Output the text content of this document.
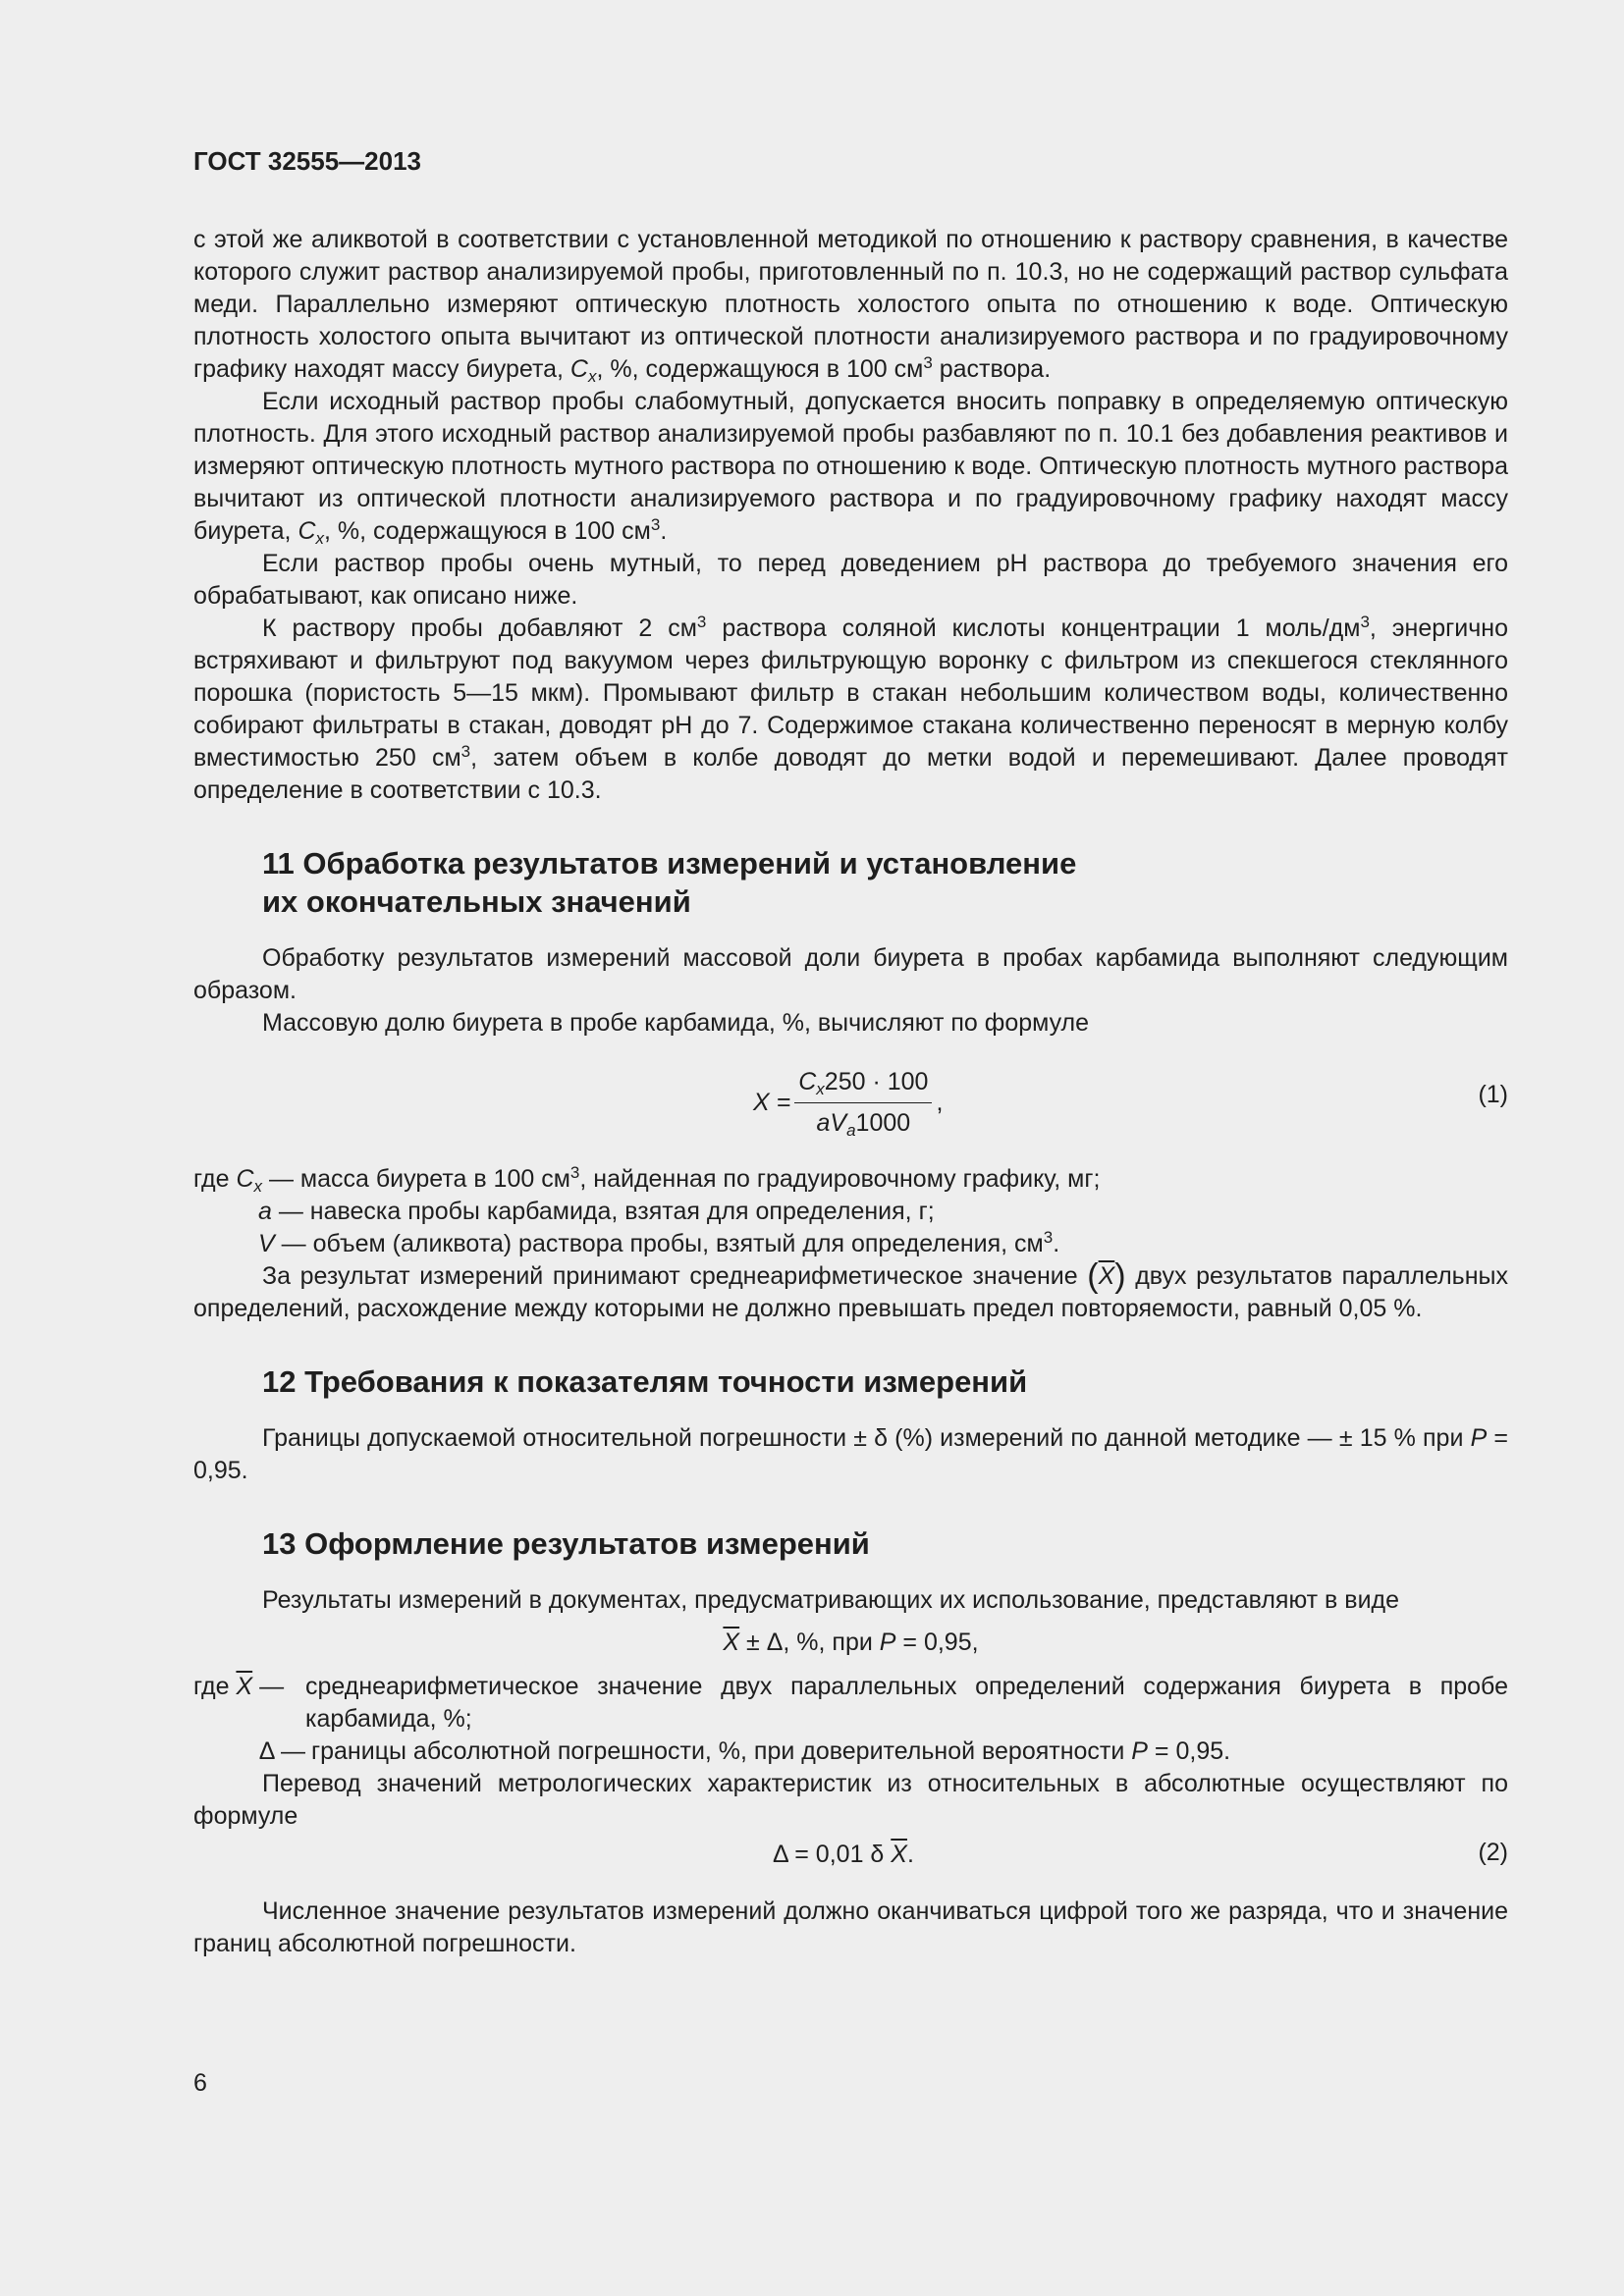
ГОСТ 32555—2013

с этой же аликвотой в соответствии с установленной методикой по отношению к раствору сравнения, в качестве которого служит раствор анализируемой пробы, приготовленный по п. 10.3, но не содержащий раствор сульфата меди. Параллельно измеряют оптическую плотность холостого опыта по отношению к воде. Оптическую плотность холостого опыта вычитают из оптической плотности анализируемого раствора и по градуировочному графику находят массу биурета, $C_x$, %, содержащуюся в 100 $см^3$ раствора.

Если исходный раствор пробы слабомутный, допускается вносить поправку в определяемую оптическую плотность. Для этого исходный раствор анализируемой пробы разбавляют по п. 10.1 без добавления реактивов и измеряют оптическую плотность мутного раствора по отношению к воде. Оптическую плотность мутного раствора вычитают из оптической плотности анализируемого раствора и по градуировочному графику находят массу биурета, $C_x$, %, содержащуюся в 100 $см^3$.

Если раствор пробы очень мутный, то перед доведением pH раствора до требуемого значения его обрабатывают, как описано ниже.

К раствору пробы добавляют 2 $см^3$ раствора соляной кислоты концентрации 1 моль/$дм^3$, энергично встряхивают и фильтруют под вакуумом через фильтрующую воронку с фильтром из спекшегося стеклянного порошка (пористость 5—15 мкм). Промывают фильтр в стакан небольшим количеством воды, количественно собирают фильтраты в стакан, доводят pH до 7. Содержимое стакана количественно переносят в мерную колбу вместимостью 250 $см^3$, затем объем в колбе доводят до метки водой и перемешивают. Далее проводят определение в соответствии с 10.3.

11 Обработка результатов измерений и установление
их окончательных значений

Обработку результатов измерений массовой доли биурета в пробах карбамида выполняют следующим образом.

Массовую долю биурета в пробе карбамида, %, вычисляют по формуле

$X = \frac{C_x250 \cdot 100}{aV_a1000}$ ,	(1)

где $C_x$ — масса биурета в 100 $см^3$, найденная по градуировочному графику, мг;

a — навеска пробы карбамида, взятая для определения, г;

V — объем (аликвота) раствора пробы, взятый для определения, $см^3$.

За результат измерений принимают среднеарифметическое значение $(\overline{X})$ двух результатов параллельных определений, расхождение между которыми не должно превышать предел повторяемости, равный 0,05 %.

12 Требования к показателям точности измерений

Границы допускаемой относительной погрешности ± δ (%) измерений по данной методике — ± 15 % при P = 0,95.

13 Оформление результатов измерений

Результаты измерений в документах, предусматривающих их использование, представляют в виде

$\overline{X} \pm \Delta$, %, при P = 0,95,
где $\overline{X}$ — среднеарифметическое значение двух параллельных определений содержания биурета в пробе карбамида, %;
Δ — границы абсолютной погрешности, %, при доверительной вероятности P = 0,95.

Перевод значений метрологических характеристик из относительных в абсолютные осуществляют по формуле

Δ = 0,01 δ $\overline{X}$.	(2)

Численное значение результатов измерений должно оканчиваться цифрой того же разряда, что и значение границ абсолютной погрешности.

6
